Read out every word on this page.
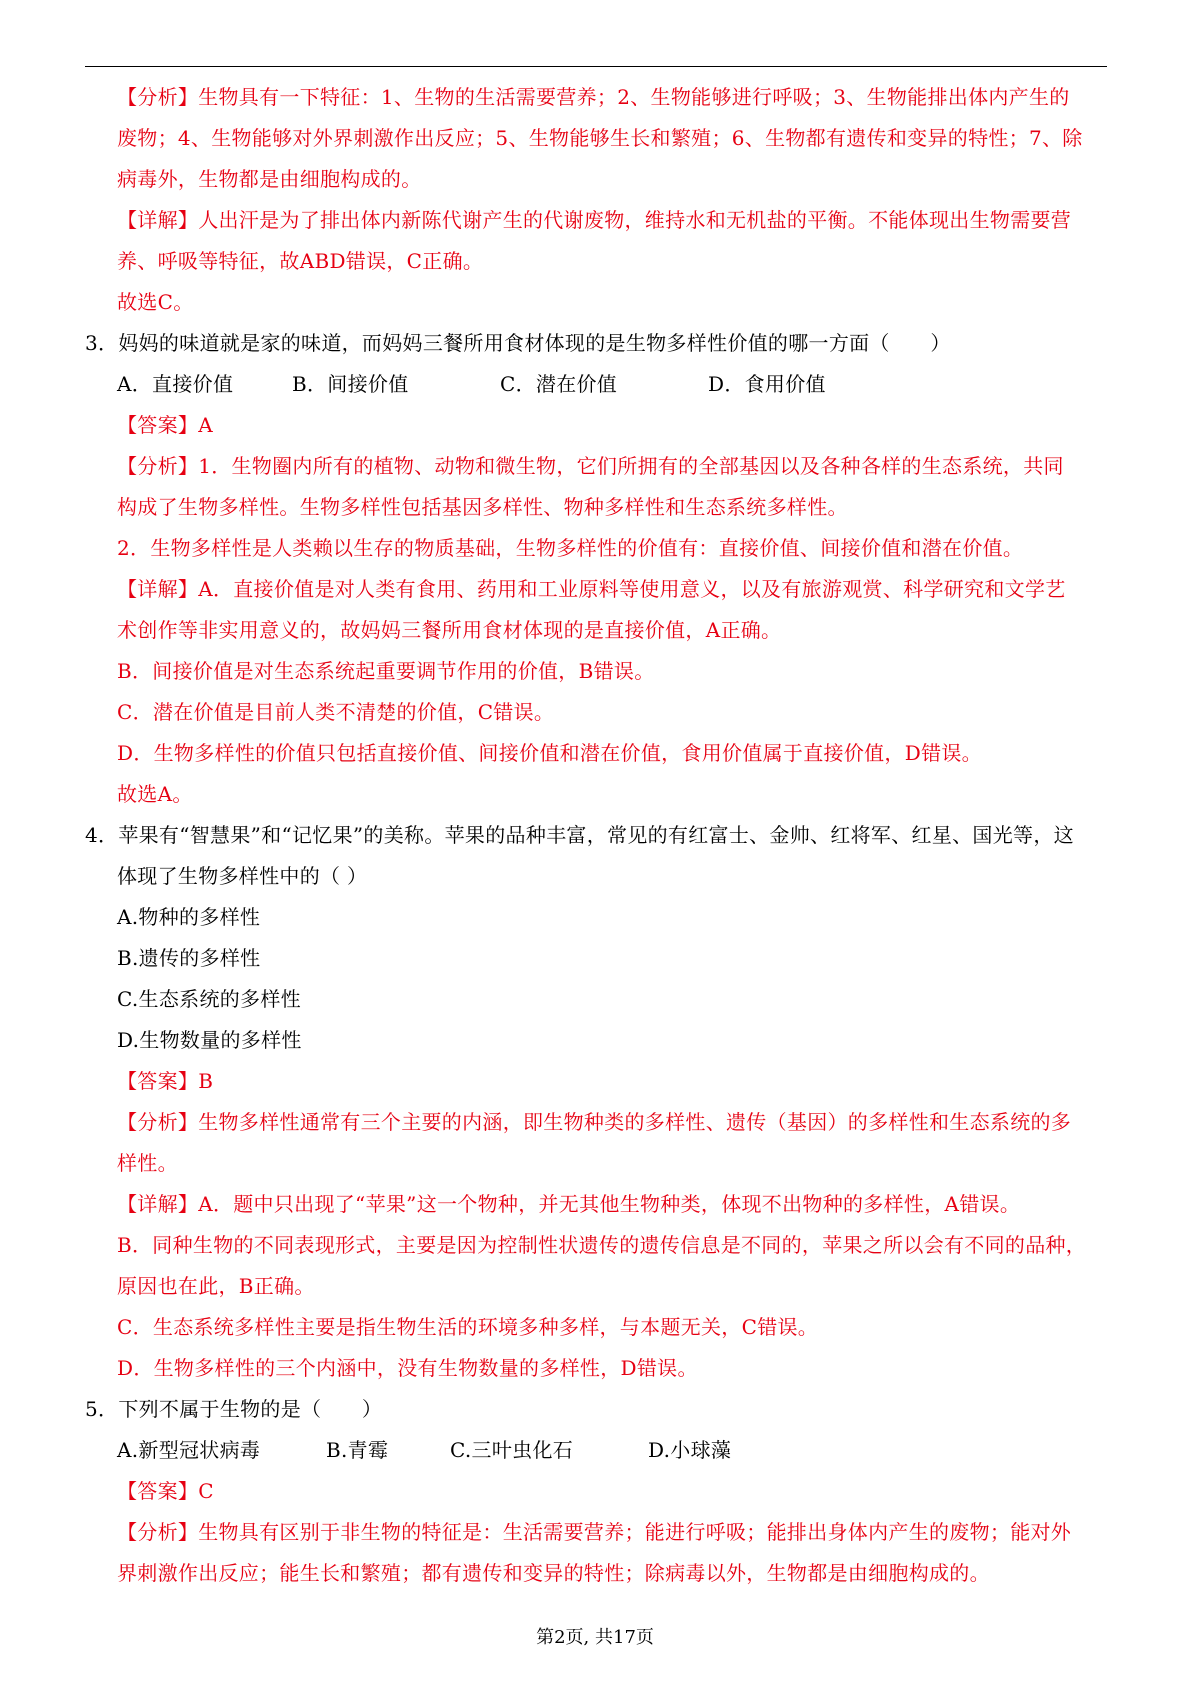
【分析】生物具有一下特征：1、生物的生活需要营养；2、生物能够进行呼吸；3、生物能排出体内产生的
废物；4、生物能够对外界刺激作出反应；5、生物能够生长和繁殖；6、生物都有遗传和变异的特性；7、除
病毒外，生物都是由细胞构成的。
【详解】人出汗是为了排出体内新陈代谢产生的代谢废物，维持水和无机盐的平衡。不能体现出生物需要营
养、呼吸等特征，故ABD错误，C正确。
故选C。
3．妈妈的味道就是家的味道，而妈妈三餐所用食材体现的是生物多样性价值的哪一方面（　　）
A．直接价值	B．间接价值	C．潜在价值	D．食用价值
【答案】A
【分析】1．生物圈内所有的植物、动物和微生物，它们所拥有的全部基因以及各种各样的生态系统，共同
构成了生物多样性。生物多样性包括基因多样性、物种多样性和生态系统多样性。
2．生物多样性是人类赖以生存的物质基础，生物多样性的价值有：直接价值、间接价值和潜在价值。
【详解】A．直接价值是对人类有食用、药用和工业原料等使用意义，以及有旅游观赏、科学研究和文学艺
术创作等非实用意义的，故妈妈三餐所用食材体现的是直接价值，A正确。
B．间接价值是对生态系统起重要调节作用的价值，B错误。
C．潜在价值是目前人类不清楚的价值，C错误。
D．生物多样性的价值只包括直接价值、间接价值和潜在价值，食用价值属于直接价值，D错误。
故选A。
4．苹果有“智慧果”和“记忆果”的美称。苹果的品种丰富，常见的有红富士、金帅、红将军、红星、国光等，这
体现了生物多样性中的（ ）
A.物种的多样性
B.遗传的多样性
C.生态系统的多样性
D.生物数量的多样性
【答案】B
【分析】生物多样性通常有三个主要的内涵，即生物种类的多样性、遗传（基因）的多样性和生态系统的多
样性。
【详解】A．题中只出现了“苹果”这一个物种，并无其他生物种类，体现不出物种的多样性，A错误。
B．同种生物的不同表现形式，主要是因为控制性状遗传的遗传信息是不同的，苹果之所以会有不同的品种，
原因也在此，B正确。
C．生态系统多样性主要是指生物生活的环境多种多样，与本题无关，C错误。
D．生物多样性的三个内涵中，没有生物数量的多样性，D错误。
5．下列不属于生物的是（　　）
A.新型冠状病毒	B.青霉	C.三叶虫化石	D.小球藻
【答案】C
【分析】生物具有区别于非生物的特征是：生活需要营养；能进行呼吸；能排出身体内产生的废物；能对外
界刺激作出反应；能生长和繁殖；都有遗传和变异的特性；除病毒以外，生物都是由细胞构成的。
第2页, 共17页
